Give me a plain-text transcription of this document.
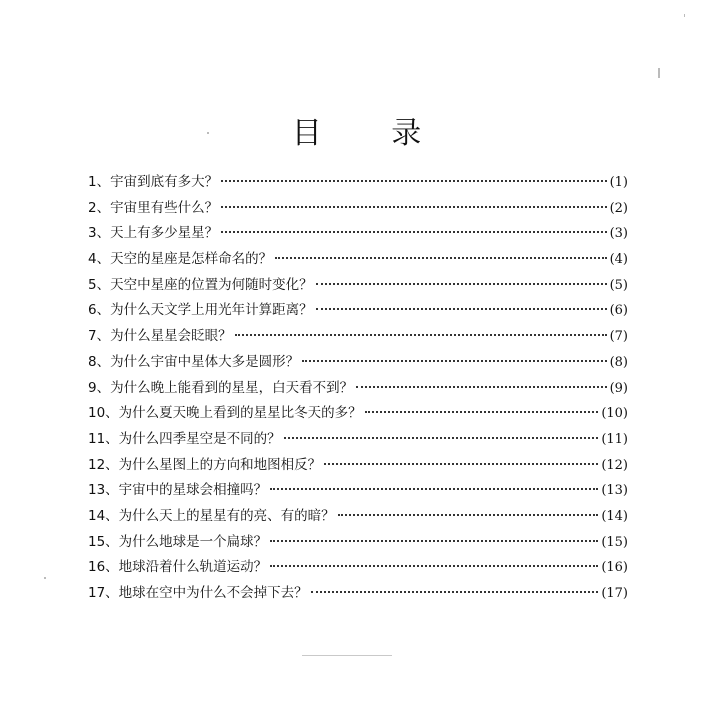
目 录
1、宇宙到底有多大？	(1)
2、宇宙里有些什么？	(2)
3、天上有多少星星？	(3)
4、天空的星座是怎样命名的？	(4)
5、天空中星座的位置为何随时变化？	(5)
6、为什么天文学上用光年计算距离？	(6)
7、为什么星星会眨眼？	(7)
8、为什么宇宙中星体大多是圆形？	(8)
9、为什么晚上能看到的星星，白天看不到？	(9)
10、为什么夏天晚上看到的星星比冬天的多？	(10)
11、为什么四季星空是不同的？	(11)
12、为什么星图上的方向和地图相反？	(12)
13、宇宙中的星球会相撞吗？	(13)
14、为什么天上的星星有的亮、有的暗？	(14)
15、为什么地球是一个扁球？	(15)
16、地球沿着什么轨道运动？	(16)
17、地球在空中为什么不会掉下去？	(17)
